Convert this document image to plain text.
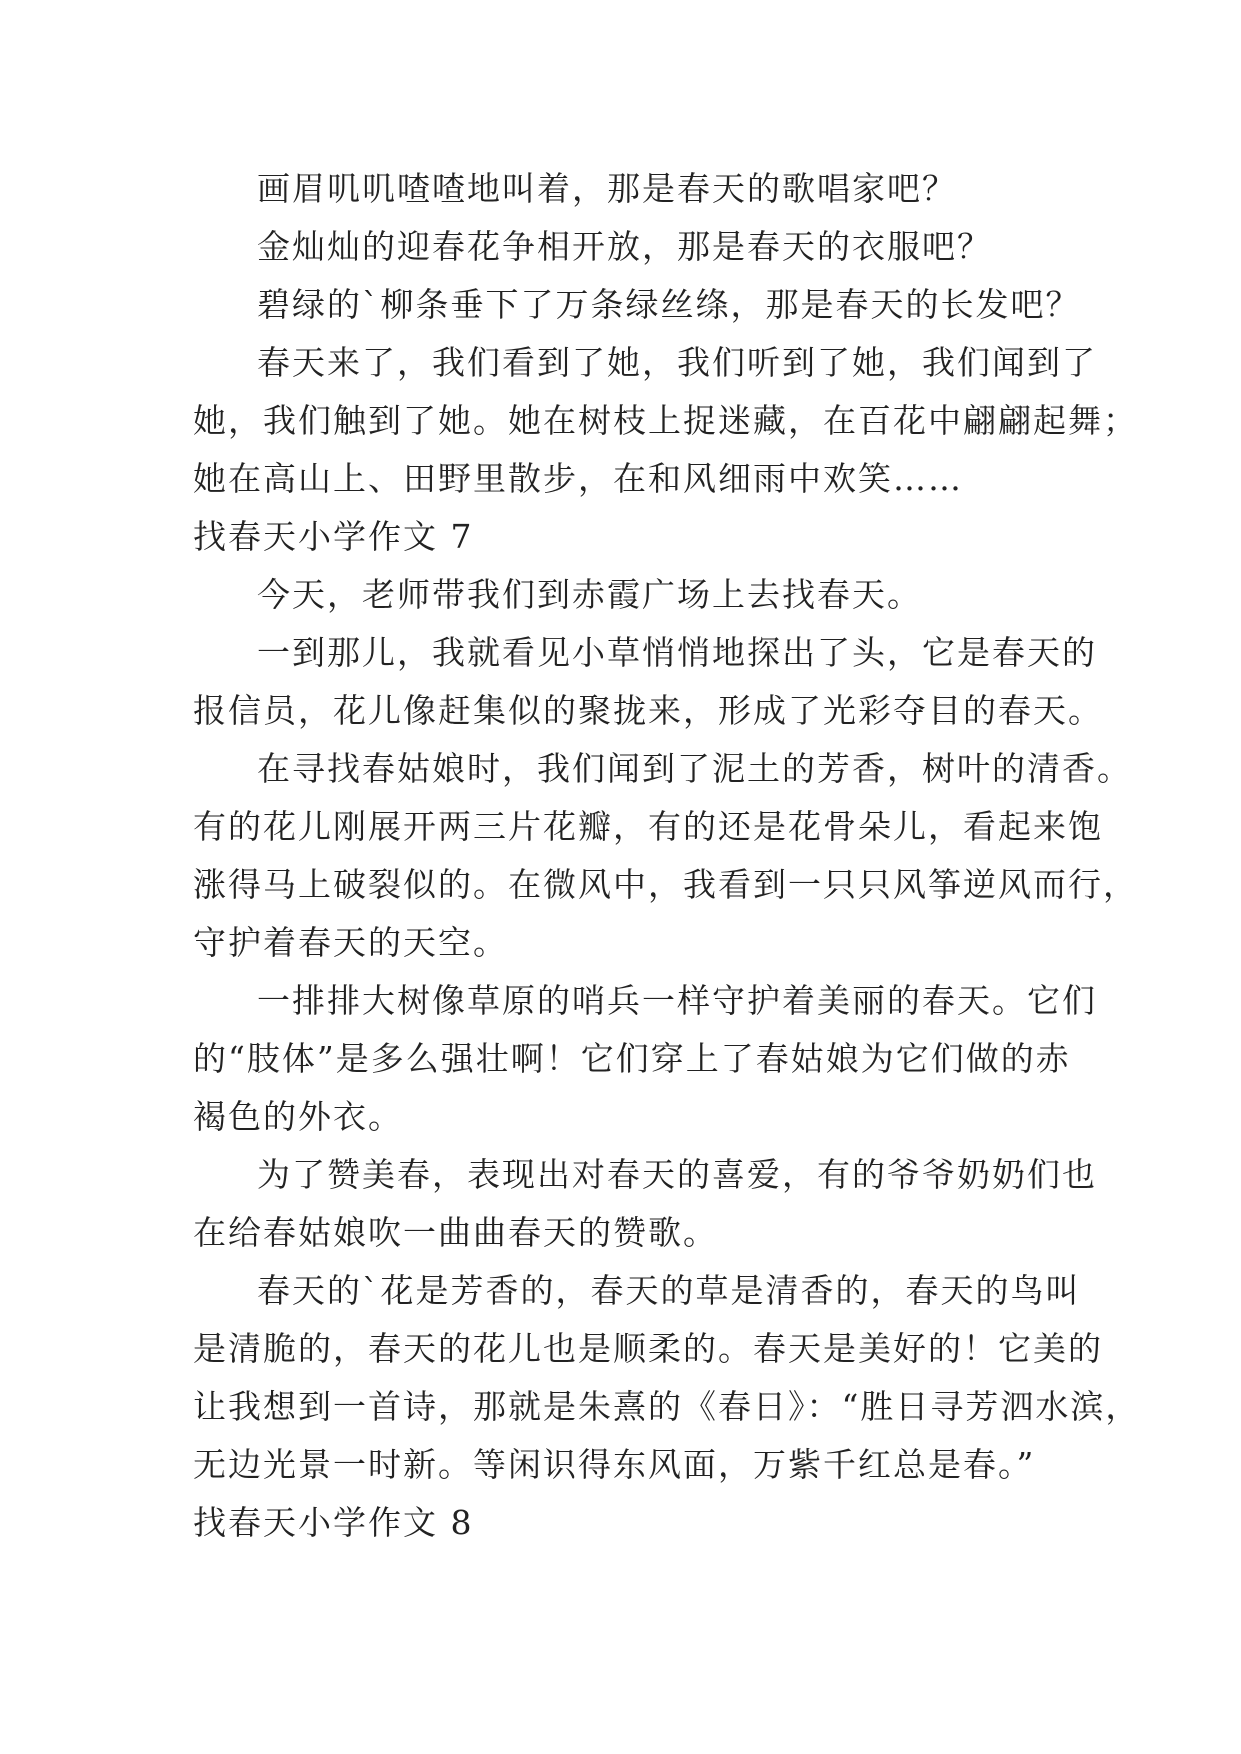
画眉叽叽喳喳地叫着，那是春天的歌唱家吧？
金灿灿的迎春花争相开放，那是春天的衣服吧？
碧绿的`柳条垂下了万条绿丝绦，那是春天的长发吧？
春天来了，我们看到了她，我们听到了她，我们闻到了
她，我们触到了她。她在树枝上捉迷藏，在百花中翩翩起舞；
她在高山上、田野里散步，在和风细雨中欢笑……
找春天小学作文 7
今天，老师带我们到赤霞广场上去找春天。
一到那儿，我就看见小草悄悄地探出了头，它是春天的
报信员，花儿像赶集似的聚拢来，形成了光彩夺目的春天。
在寻找春姑娘时，我们闻到了泥土的芳香，树叶的清香。
有的花儿刚展开两三片花瓣，有的还是花骨朵儿，看起来饱
涨得马上破裂似的。在微风中，我看到一只只风筝逆风而行，
守护着春天的天空。
一排排大树像草原的哨兵一样守护着美丽的春天。它们
的“肢体”是多么强壮啊！它们穿上了春姑娘为它们做的赤
褐色的外衣。
为了赞美春，表现出对春天的喜爱，有的爷爷奶奶们也
在给春姑娘吹一曲曲春天的赞歌。
春天的`花是芳香的，春天的草是清香的，春天的鸟叫
是清脆的，春天的花儿也是顺柔的。春天是美好的！它美的
让我想到一首诗，那就是朱熹的《春日》：“胜日寻芳泗水滨，
无边光景一时新。等闲识得东风面，万紫千红总是春。”
找春天小学作文 8
